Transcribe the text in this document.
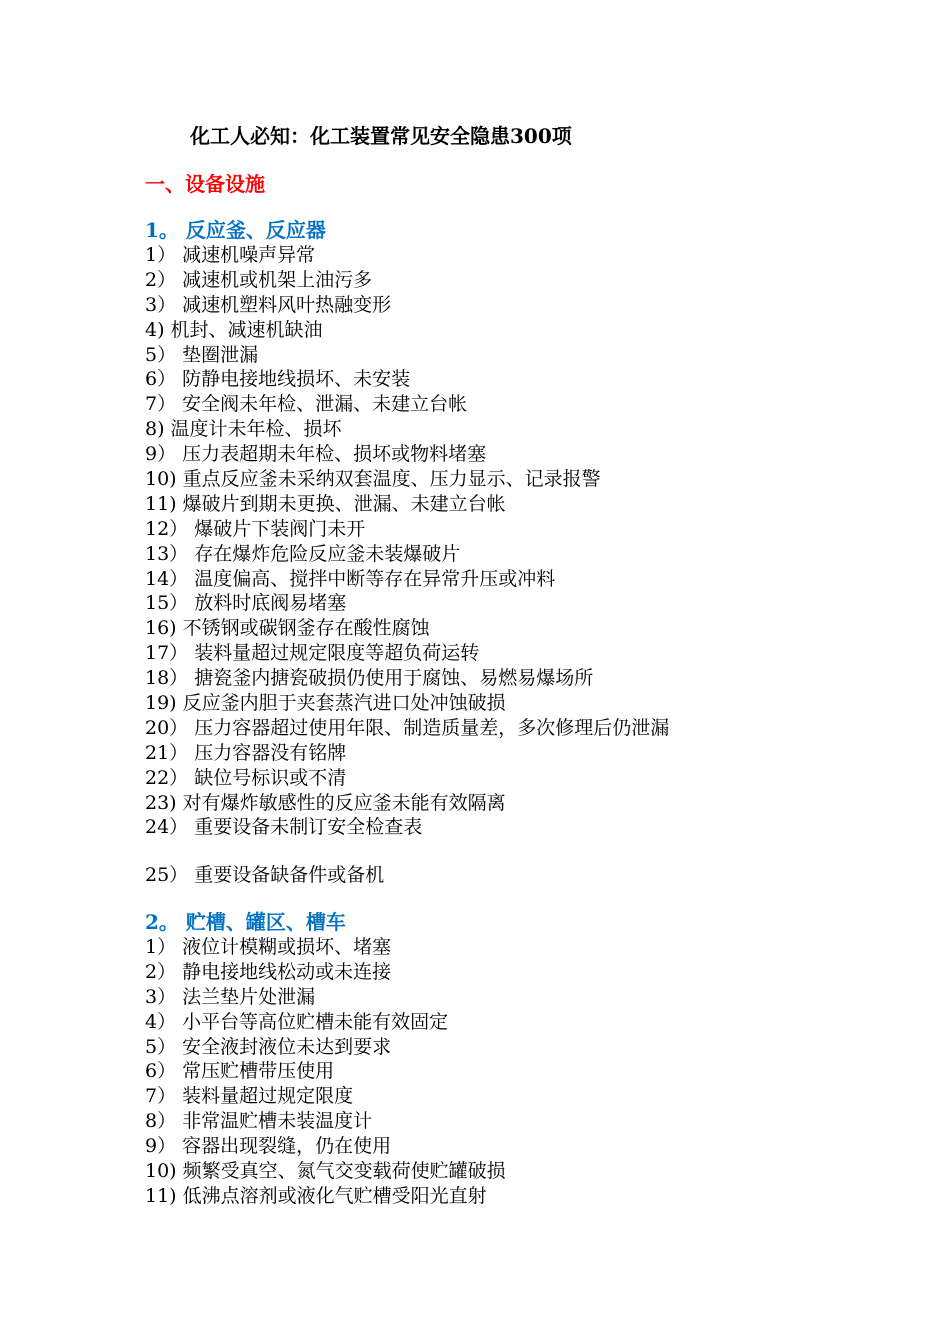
化工人必知：化工装置常见安全隐患300项
一、设备设施
1。 反应釜、反应器
1） 减速机噪声异常
2） 减速机或机架上油污多
3） 减速机塑料风叶热融变形
4) 机封、减速机缺油
5） 垫圈泄漏
6） 防静电接地线损坏、未安装
7） 安全阀未年检、泄漏、未建立台帐
8) 温度计未年检、损坏
9） 压力表超期未年检、损坏或物料堵塞
10) 重点反应釜未采纳双套温度、压力显示、记录报警
11) 爆破片到期未更换、泄漏、未建立台帐
12） 爆破片下装阀门未开
13） 存在爆炸危险反应釜未装爆破片
14） 温度偏高、搅拌中断等存在异常升压或冲料
15） 放料时底阀易堵塞
16) 不锈钢或碳钢釜存在酸性腐蚀
17） 装料量超过规定限度等超负荷运转
18） 搪瓷釜内搪瓷破损仍使用于腐蚀、易燃易爆场所
19) 反应釜内胆于夹套蒸汽进口处冲蚀破损
20） 压力容器超过使用年限、制造质量差，多次修理后仍泄漏
21） 压力容器没有铭牌
22） 缺位号标识或不清
23) 对有爆炸敏感性的反应釜未能有效隔离
24） 重要设备未制订安全检查表
25） 重要设备缺备件或备机
2。 贮槽、罐区、槽车
1） 液位计模糊或损坏、堵塞
2） 静电接地线松动或未连接
3） 法兰垫片处泄漏
4） 小平台等高位贮槽未能有效固定
5） 安全液封液位未达到要求
6） 常压贮槽带压使用
7） 装料量超过规定限度
8） 非常温贮槽未装温度计
9） 容器出现裂缝，仍在使用
10) 频繁受真空、氮气交变载荷使贮罐破损
11) 低沸点溶剂或液化气贮槽受阳光直射
